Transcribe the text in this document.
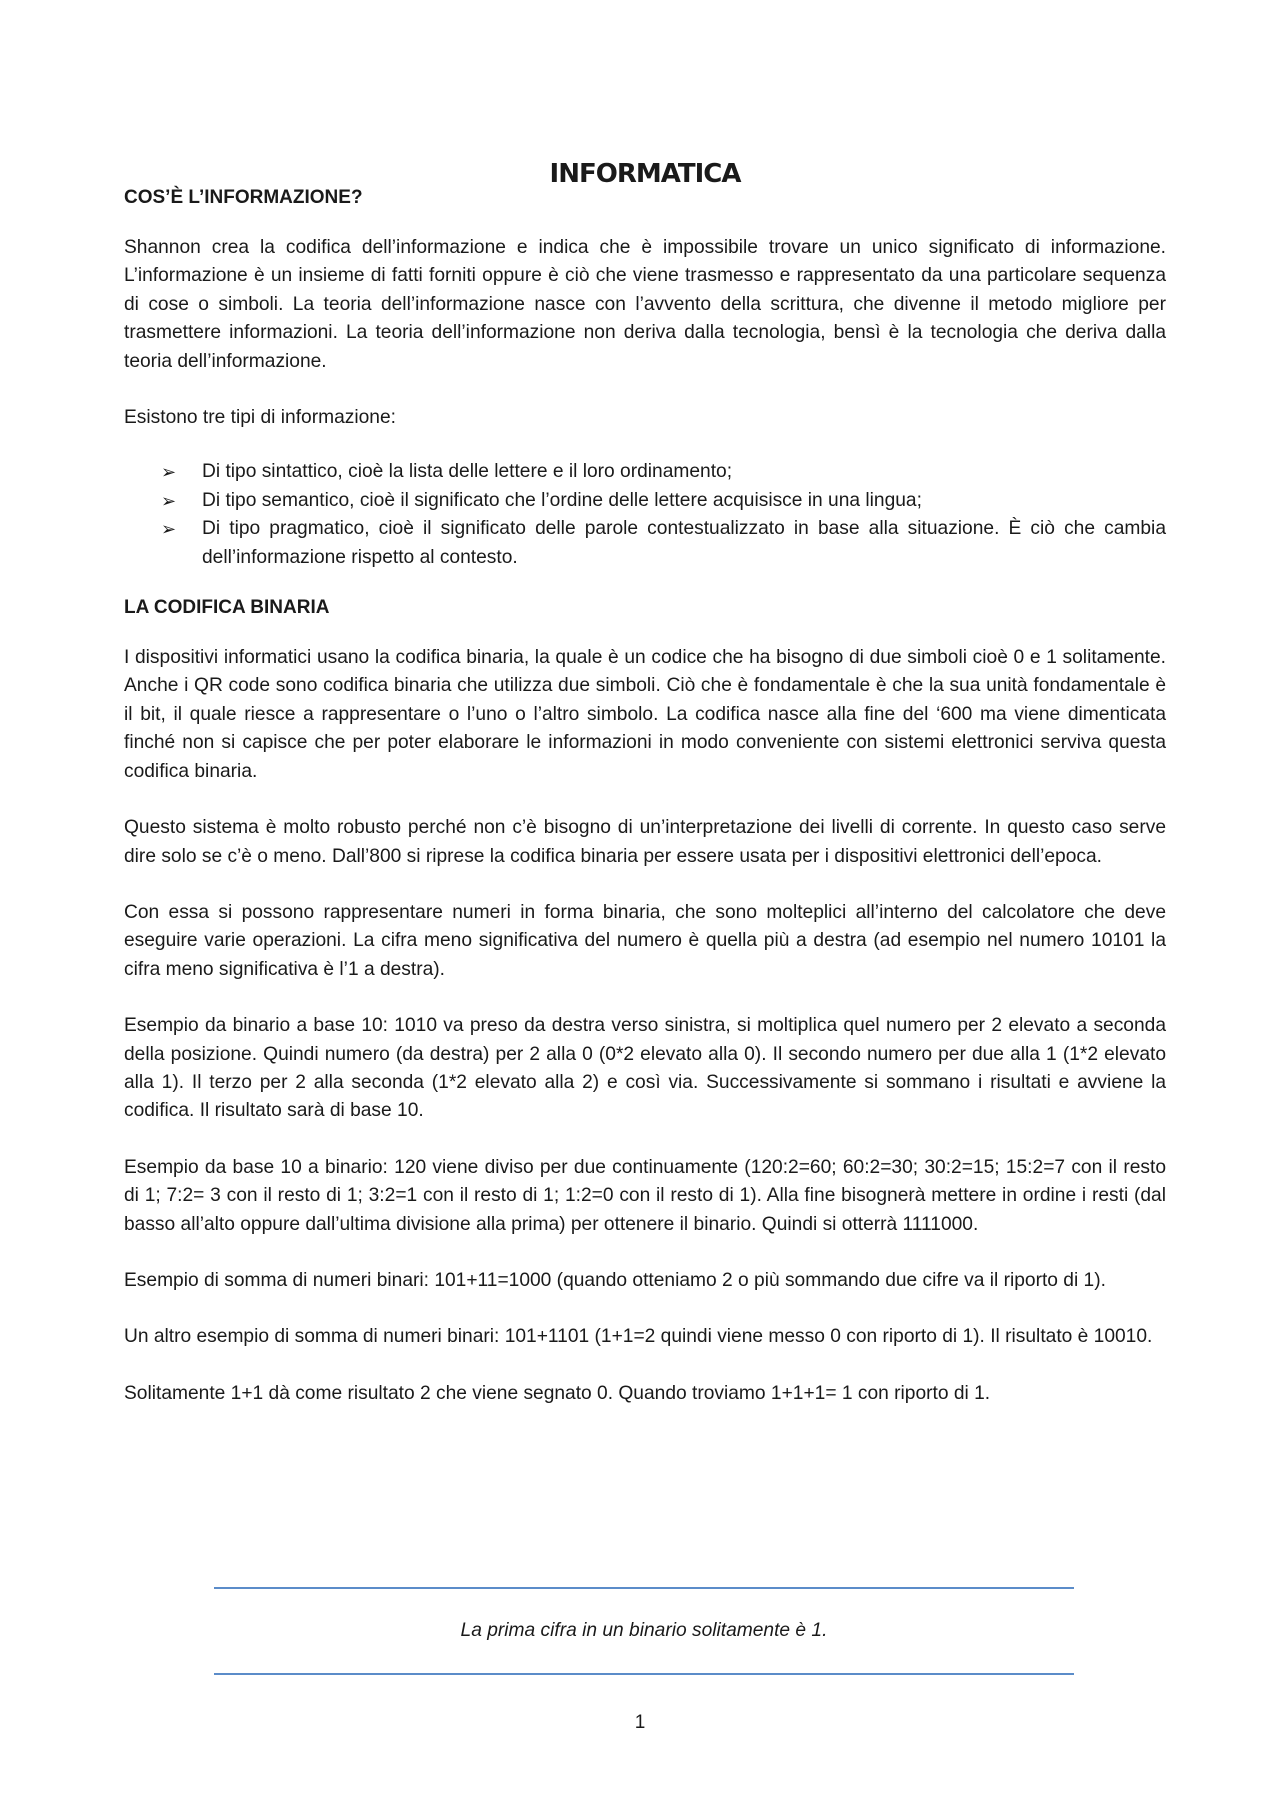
INFORMATICA
COS’È L’INFORMAZIONE?

Shannon crea la codifica dell’informazione e indica che è impossibile trovare un unico significato di informazione. L’informazione è un insieme di fatti forniti oppure è ciò che viene trasmesso e rappresentato da una particolare sequenza di cose o simboli. La teoria dell’informazione nasce con l’avvento della scrittura, che divenne il metodo migliore per trasmettere informazioni. La teoria dell’informazione non deriva dalla tecnologia, bensì è la tecnologia che deriva dalla teoria dell’informazione.

Esistono tre tipi di informazione:

➢ Di tipo sintattico, cioè la lista delle lettere e il loro ordinamento;
➢ Di tipo semantico, cioè il significato che l’ordine delle lettere acquisisce in una lingua;
➢ Di tipo pragmatico, cioè il significato delle parole contestualizzato in base alla situazione. È ciò che cambia dell’informazione rispetto al contesto.
LA CODIFICA BINARIA

I dispositivi informatici usano la codifica binaria, la quale è un codice che ha bisogno di due simboli cioè 0 e 1 solitamente. Anche i QR code sono codifica binaria che utilizza due simboli. Ciò che è fondamentale è che la sua unità fondamentale è il bit, il quale riesce a rappresentare o l’uno o l’altro simbolo. La codifica nasce alla fine del ‘600 ma viene dimenticata finché non si capisce che per poter elaborare le informazioni in modo conveniente con sistemi elettronici serviva questa codifica binaria.

Questo sistema è molto robusto perché non c’è bisogno di un’interpretazione dei livelli di corrente. In questo caso serve dire solo se c’è o meno. Dall’800 si riprese la codifica binaria per essere usata per i dispositivi elettronici dell’epoca.

Con essa si possono rappresentare numeri in forma binaria, che sono molteplici all’interno del calcolatore che deve eseguire varie operazioni. La cifra meno significativa del numero è quella più a destra (ad esempio nel numero 10101 la cifra meno significativa è l’1 a destra).

Esempio da binario a base 10: 1010 va preso da destra verso sinistra, si moltiplica quel numero per 2 elevato a seconda della posizione. Quindi numero (da destra) per 2 alla 0 (0*2 elevato alla 0). Il secondo numero per due alla 1 (1*2 elevato alla 1). Il terzo per 2 alla seconda (1*2 elevato alla 2) e così via. Successivamente si sommano i risultati e avviene la codifica. Il risultato sarà di base 10.

Esempio da base 10 a binario: 120 viene diviso per due continuamente (120:2=60; 60:2=30; 30:2=15; 15:2=7 con il resto di 1; 7:2= 3 con il resto di 1; 3:2=1 con il resto di 1; 1:2=0 con il resto di 1). Alla fine bisognerà mettere in ordine i resti (dal basso all’alto oppure dall’ultima divisione alla prima) per ottenere il binario. Quindi si otterrà 1111000.

Esempio di somma di numeri binari: 101+11=1000 (quando otteniamo 2 o più sommando due cifre va il riporto di 1).

Un altro esempio di somma di numeri binari: 101+1101 (1+1=2 quindi viene messo 0 con riporto di 1). Il risultato è 10010.

Solitamente 1+1 dà come risultato 2 che viene segnato 0. Quando troviamo 1+1+1= 1 con riporto di 1.

La prima cifra in un binario solitamente è 1.
1
